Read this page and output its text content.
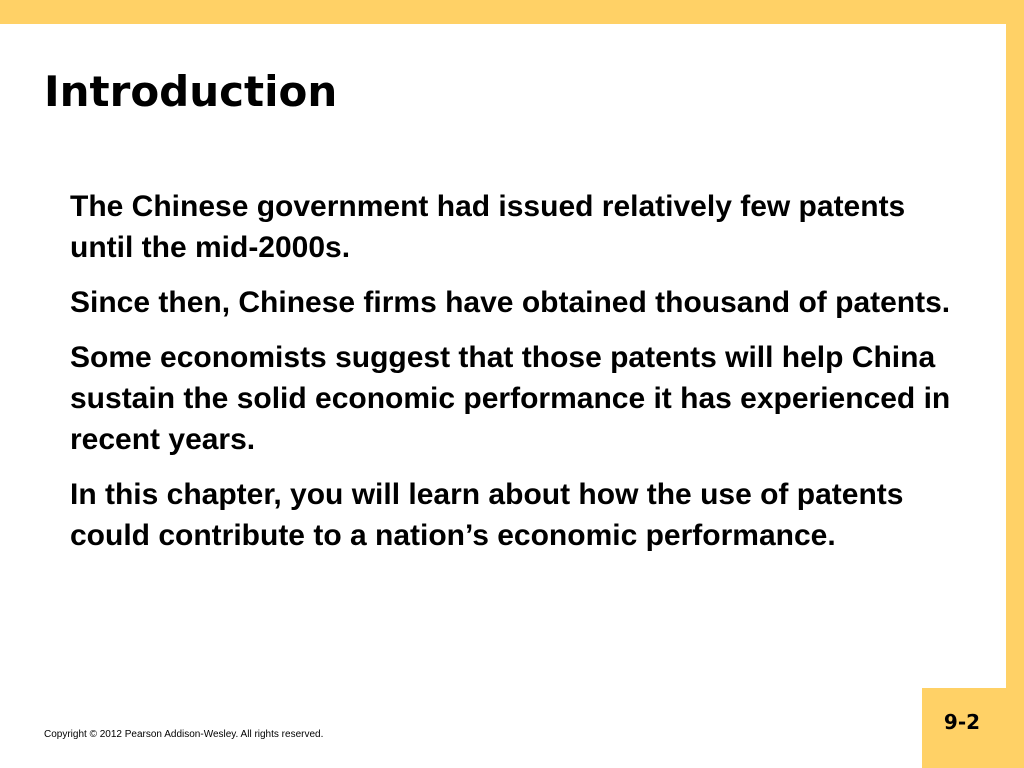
Introduction
The Chinese government had issued relatively few patents until the mid-2000s.
Since then, Chinese firms have obtained thousand of patents.
Some economists suggest that those patents will help China sustain the solid economic performance it has experienced in recent years.
In this chapter, you will learn about how the use of patents could contribute to a nation’s economic performance.
Copyright © 2012 Pearson Addison-Wesley. All rights reserved.
9-2
